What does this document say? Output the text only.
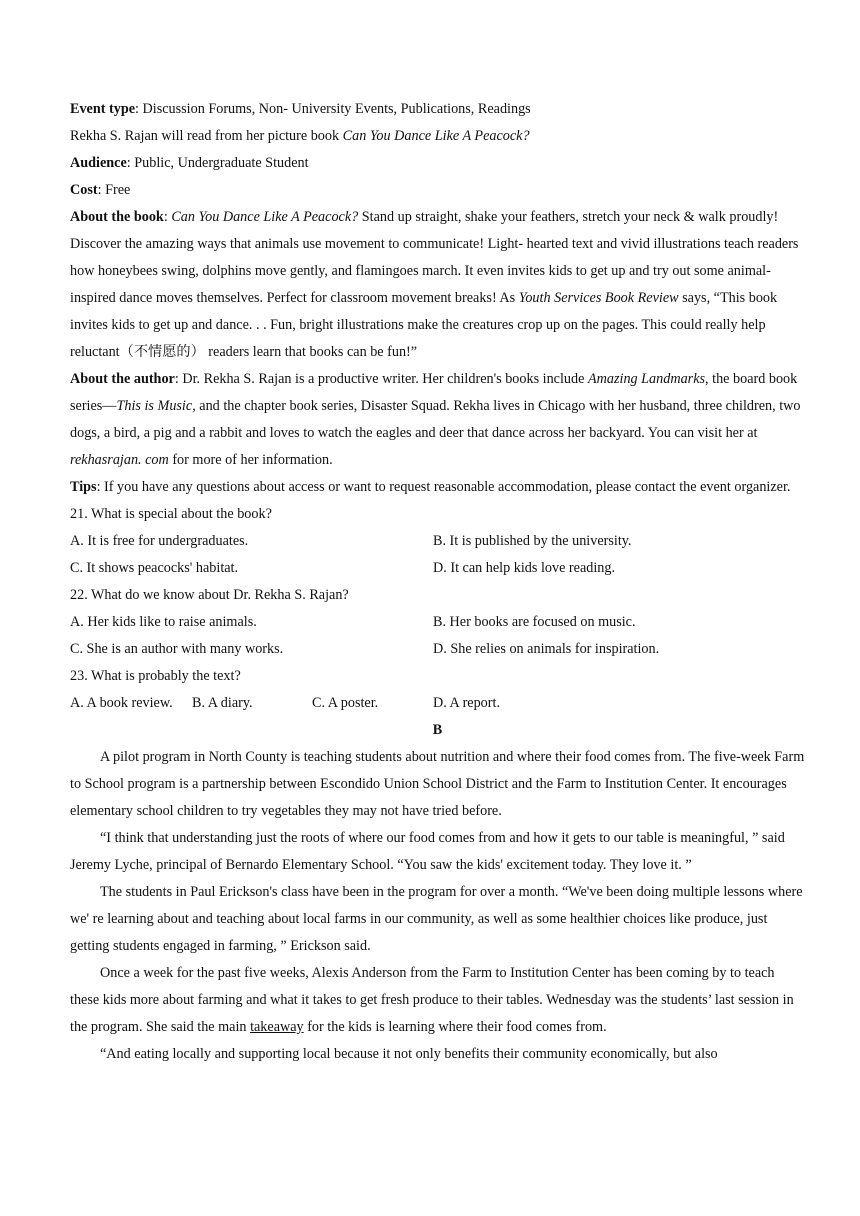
Event type: Discussion Forums, Non- University Events, Publications, Readings

Rekha S. Rajan will read from her picture book Can You Dance Like A Peacock?

Audience: Public, Undergraduate Student

Cost: Free

About the book: Can You Dance Like A Peacock? Stand up straight, shake your feathers, stretch your neck & walk proudly! Discover the amazing ways that animals use movement to communicate! Light- hearted text and vivid illustrations teach readers how honeybees swing, dolphins move gently, and flamingoes march. It even invites kids to get up and try out some animal- inspired dance moves themselves. Perfect for classroom movement breaks! As Youth Services Book Review says, “This book invites kids to get up and dance. . . Fun, bright illustrations make the creatures crop up on the pages. This could really help reluctant（不情愿的） readers learn that books can be fun!”

About the author: Dr. Rekha S. Rajan is a productive writer. Her children's books include Amazing Landmarks, the board book series—This is Music, and the chapter book series, Disaster Squad. Rekha lives in Chicago with her husband, three children, two dogs, a bird, a pig and a rabbit and loves to watch the eagles and deer that dance across her backyard. You can visit her at rekhasrajan. com for more of her information.

Tips: If you have any questions about access or want to request reasonable accommodation, please contact the event organizer.

21. What is special about the book?

A. It is free for undergraduates.	B. It is published by the university.
C. It shows peacocks' habitat.	D. It can help kids love reading.

22. What do we know about Dr. Rekha S. Rajan?

A. Her kids like to raise animals.	B. Her books are focused on music.
C. She is an author with many works.	D. She relies on animals for inspiration.

23. What is probably the text?

A. A book review.	B. A diary.	C. A poster.	D. A report.

B

A pilot program in North County is teaching students about nutrition and where their food comes from. The five-week Farm to School program is a partnership between Escondido Union School District and the Farm to Institution Center. It encourages elementary school children to try vegetables they may not have tried before.

“I think that understanding just the roots of where our food comes from and how it gets to our table is meaningful, ” said Jeremy Lyche, principal of Bernardo Elementary School. “You saw the kids' excitement today. They love it. ”

The students in Paul Erickson's class have been in the program for over a month. “We've been doing multiple lessons where we' re learning about and teaching about local farms in our community, as well as some healthier choices like produce, just getting students engaged in farming, ” Erickson said.

Once a week for the past five weeks, Alexis Anderson from the Farm to Institution Center has been coming by to teach these kids more about farming and what it takes to get fresh produce to their tables. Wednesday was the students’ last session in the program. She said the main takeaway for the kids is learning where their food comes from.

“And eating locally and supporting local because it not only benefits their community economically, but also
